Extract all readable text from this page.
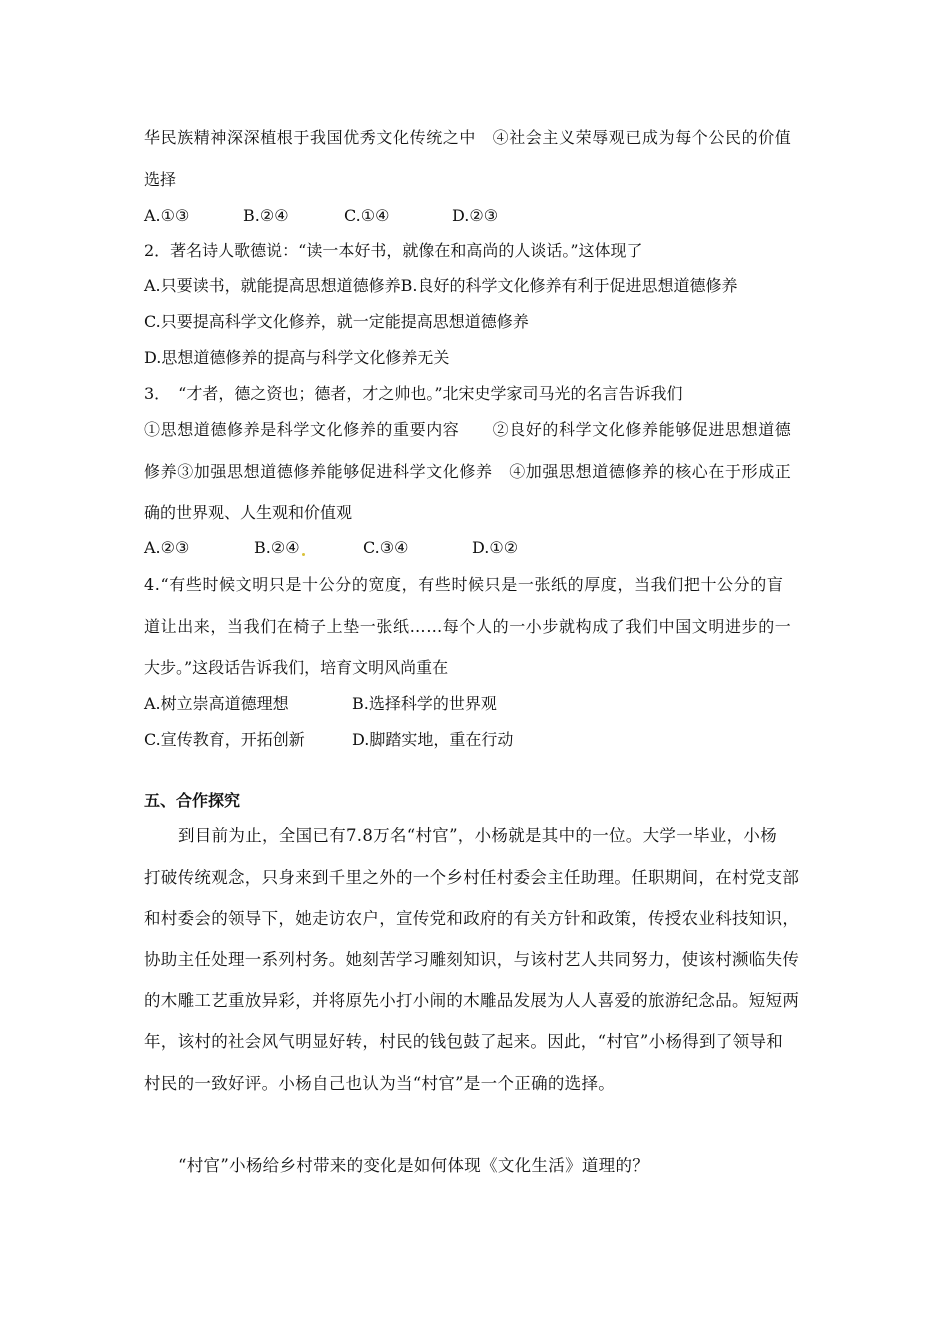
华民族精神深深植根于我国优秀文化传统之中　④社会主义荣辱观已成为每个公民的价值
选择
A.①③	B.②④	C.①④	D.②③
2．著名诗人歌德说：“读一本好书，就像在和高尚的人谈话。”这体现了
A.只要读书，就能提高思想道德修养B.良好的科学文化修养有利于促进思想道德修养
C.只要提高科学文化修养，就一定能提高思想道德修养
D.思想道德修养的提高与科学文化修养无关
3．　“才者，德之资也；德者，才之帅也。”北宋史学家司马光的名言告诉我们
①思想道德修养是科学文化修养的重要内容　　②良好的科学文化修养能够促进思想道德
修养③加强思想道德修养能够促进科学文化修养　④加强思想道德修养的核心在于形成正
确的世界观、人生观和价值观
A.②③	B.②④	C.③④	D.①②
4.“有些时候文明只是十公分的宽度，有些时候只是一张纸的厚度，当我们把十公分的盲
道让出来，当我们在椅子上垫一张纸……每个人的一小步就构成了我们中国文明进步的一
大步。”这段话告诉我们，培育文明风尚重在
A.树立崇高道德理想	B.选择科学的世界观
C.宣传教育，开拓创新	D.脚踏实地，重在行动
五、合作探究
到目前为止，全国已有7.8万名“村官”，小杨就是其中的一位。大学一毕业，小杨
打破传统观念，只身来到千里之外的一个乡村任村委会主任助理。任职期间，在村党支部
和村委会的领导下，她走访农户，宣传党和政府的有关方针和政策，传授农业科技知识，
协助主任处理一系列村务。她刻苦学习雕刻知识，与该村艺人共同努力，使该村濒临失传
的木雕工艺重放异彩，并将原先小打小闹的木雕品发展为人人喜爱的旅游纪念品。短短两
年，该村的社会风气明显好转，村民的钱包鼓了起来。因此，“村官”小杨得到了领导和
村民的一致好评。小杨自己也认为当“村官”是一个正确的选择。
“村官”小杨给乡村带来的变化是如何体现《文化生活》道理的？
